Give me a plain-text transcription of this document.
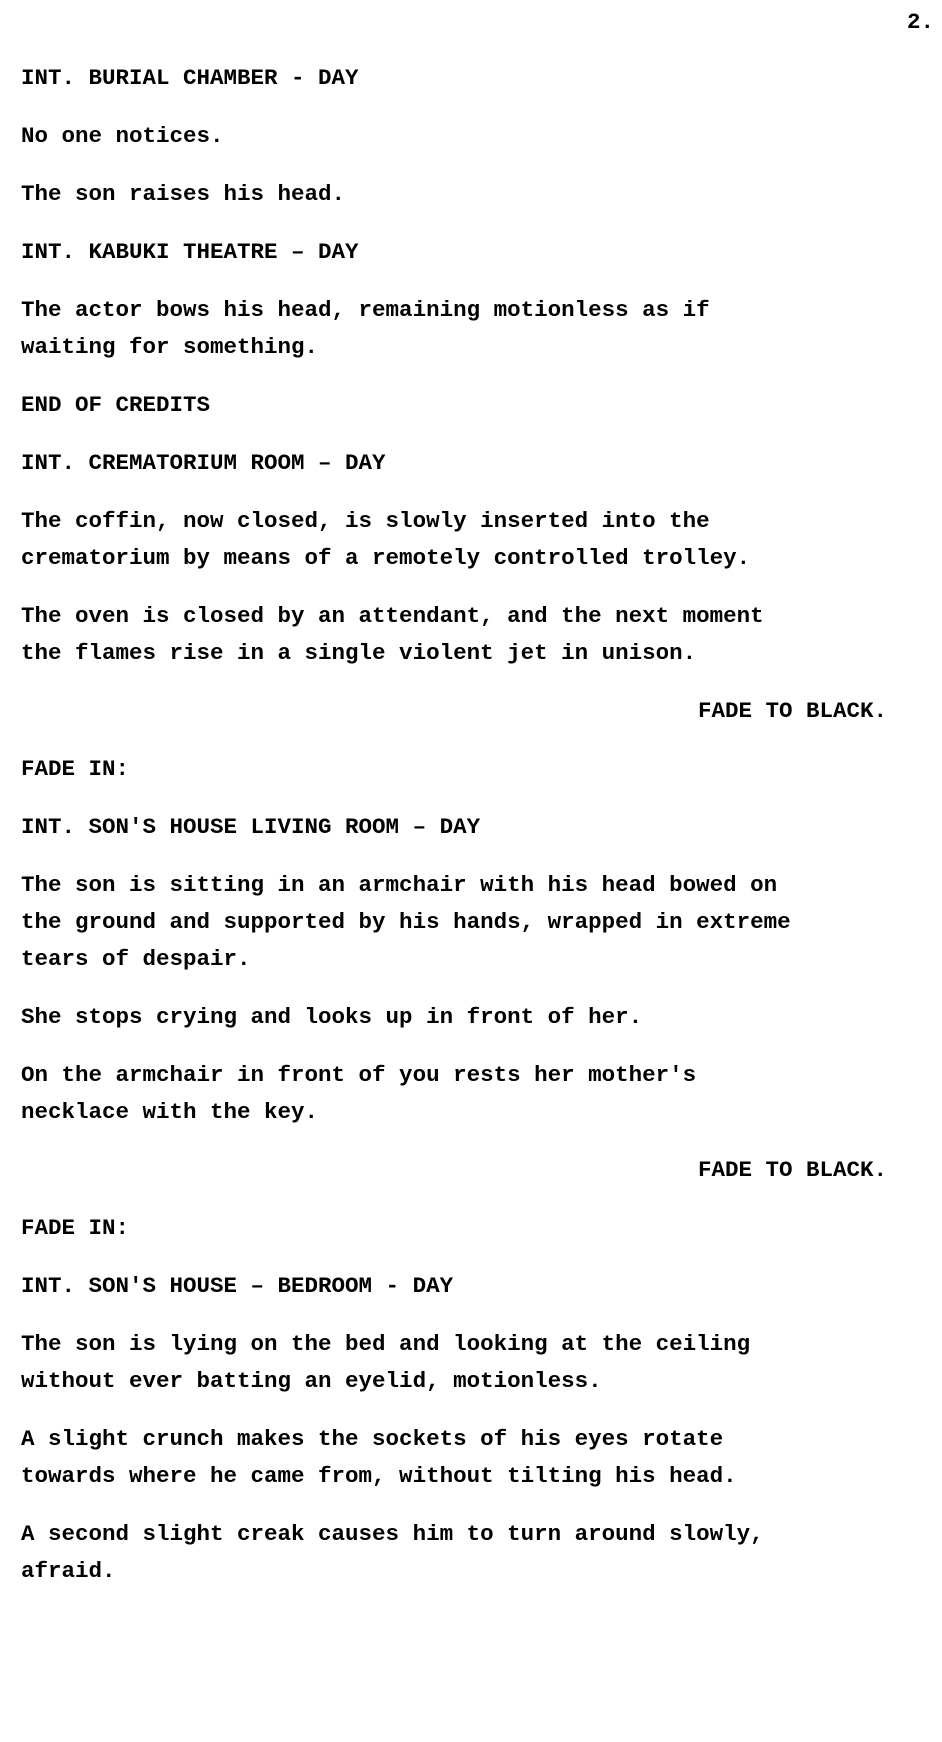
2.
INT. BURIAL CHAMBER - DAY
No one notices.
The son raises his head.
INT. KABUKI THEATRE – DAY
The actor bows his head, remaining motionless as if
waiting for something.
END OF CREDITS
INT. CREMATORIUM ROOM – DAY
The coffin, now closed, is slowly inserted into the
crematorium by means of a remotely controlled trolley.
The oven is closed by an attendant, and the next moment
the flames rise in a single violent jet in unison.
FADE TO BLACK.
FADE IN:
INT. SON'S HOUSE LIVING ROOM – DAY
The son is sitting in an armchair with his head bowed on
the ground and supported by his hands, wrapped in extreme
tears of despair.
She stops crying and looks up in front of her.
On the armchair in front of you rests her mother's
necklace with the key.
FADE TO BLACK.
FADE IN:
INT. SON'S HOUSE – BEDROOM - DAY
The son is lying on the bed and looking at the ceiling
without ever batting an eyelid, motionless.
A slight crunch makes the sockets of his eyes rotate
towards where he came from, without tilting his head.
A second slight creak causes him to turn around slowly,
afraid.
